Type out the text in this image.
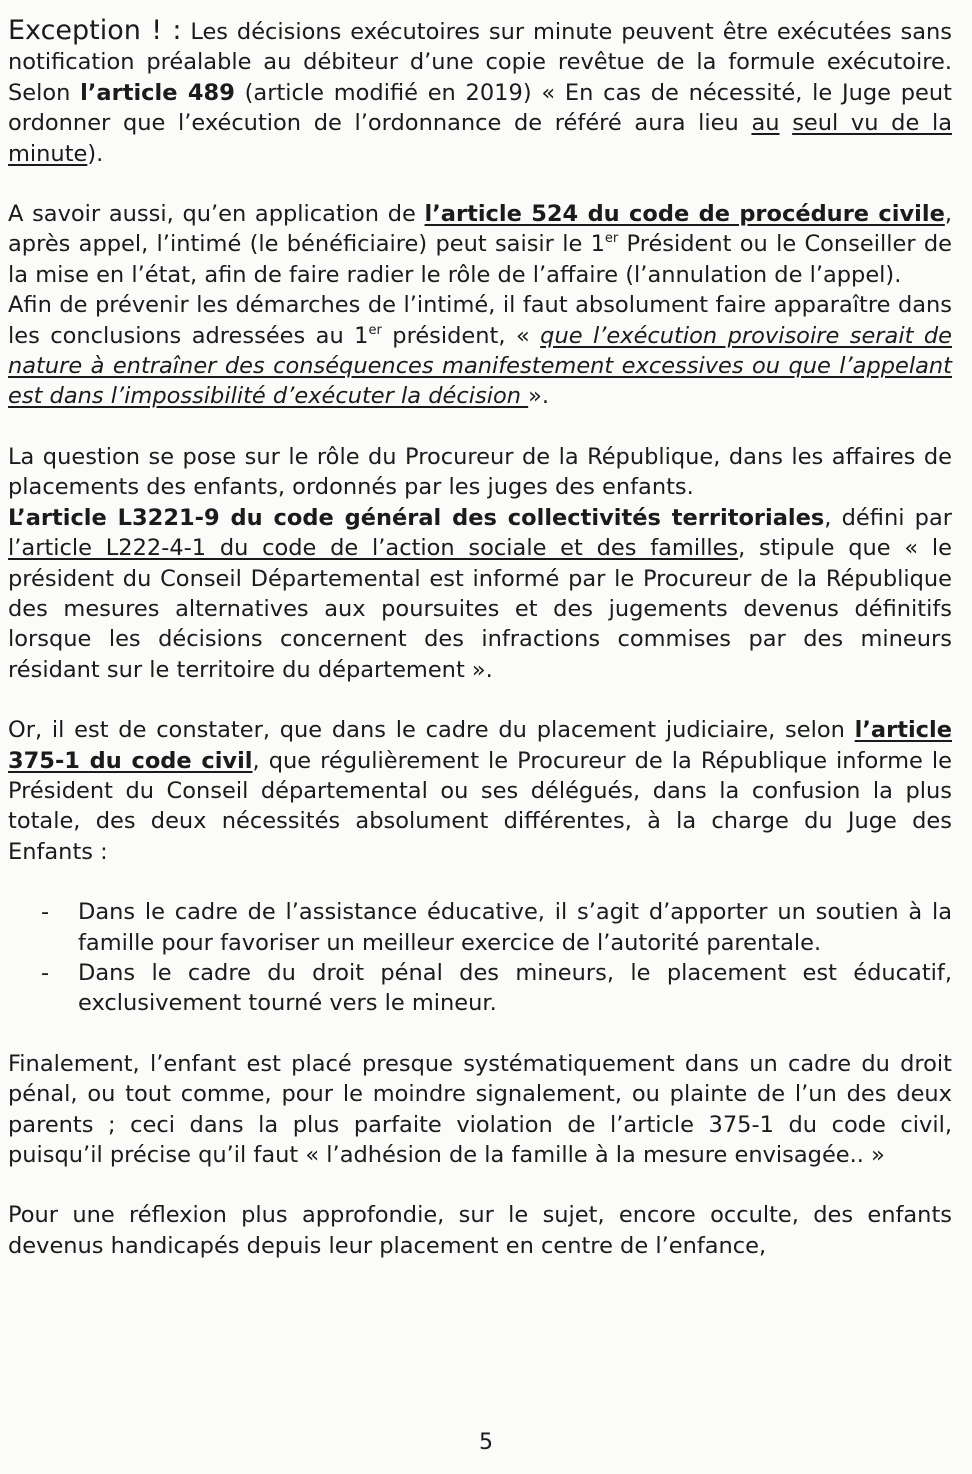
Exception ! : Les décisions exécutoires sur minute peuvent être exécutées sans notification préalable au débiteur d’une copie revêtue de la formule exécutoire. Selon l’article 489 (article modifié en 2019) « En cas de nécessité, le Juge peut ordonner que l’exécution de l’ordonnance de référé aura lieu au seul vu de la minute).

A savoir aussi, qu’en application de l’article 524 du code de procédure civile, après appel, l’intimé (le bénéficiaire) peut saisir le 1er Président ou le Conseiller de la mise en l’état, afin de faire radier le rôle de l’affaire (l’annulation de l’appel).

Afin de prévenir les démarches de l’intimé, il faut absolument faire apparaître dans les conclusions adressées au 1er président, « que l’exécution provisoire serait de nature à entraîner des conséquences manifestement excessives ou que l’appelant est dans l’impossibilité d’exécuter la décision ».

La question se pose sur le rôle du Procureur de la République, dans les affaires de placements des enfants, ordonnés par les juges des enfants.

L’article L3221-9 du code général des collectivités territoriales, défini par l’article L222-4-1 du code de l’action sociale et des familles, stipule que « le président du Conseil Départemental est informé par le Procureur de la République des mesures alternatives aux poursuites et des jugements devenus définitifs lorsque les décisions concernent des infractions commises par des mineurs résidant sur le territoire du département ».

Or, il est de constater, que dans le cadre du placement judiciaire, selon l’article 375-1 du code civil, que régulièrement le Procureur de la République informe le Président du Conseil départemental ou ses délégués, dans la confusion la plus totale, des deux nécessités absolument différentes, à la charge du Juge des Enfants :

- Dans le cadre de l’assistance éducative, il s’agit d’apporter un soutien à la famille pour favoriser un meilleur exercice de l’autorité parentale.
- Dans le cadre du droit pénal des mineurs, le placement est éducatif, exclusivement tourné vers le mineur.

Finalement, l’enfant est placé presque systématiquement dans un cadre du droit pénal, ou tout comme, pour le moindre signalement, ou plainte de l’un des deux parents ; ceci dans la plus parfaite violation de l’article 375-1 du code civil, puisqu’il précise qu’il faut « l’adhésion de la famille à la mesure envisagée.. »

Pour une réflexion plus approfondie, sur le sujet, encore occulte, des enfants devenus handicapés depuis leur placement en centre de l’enfance,

5
